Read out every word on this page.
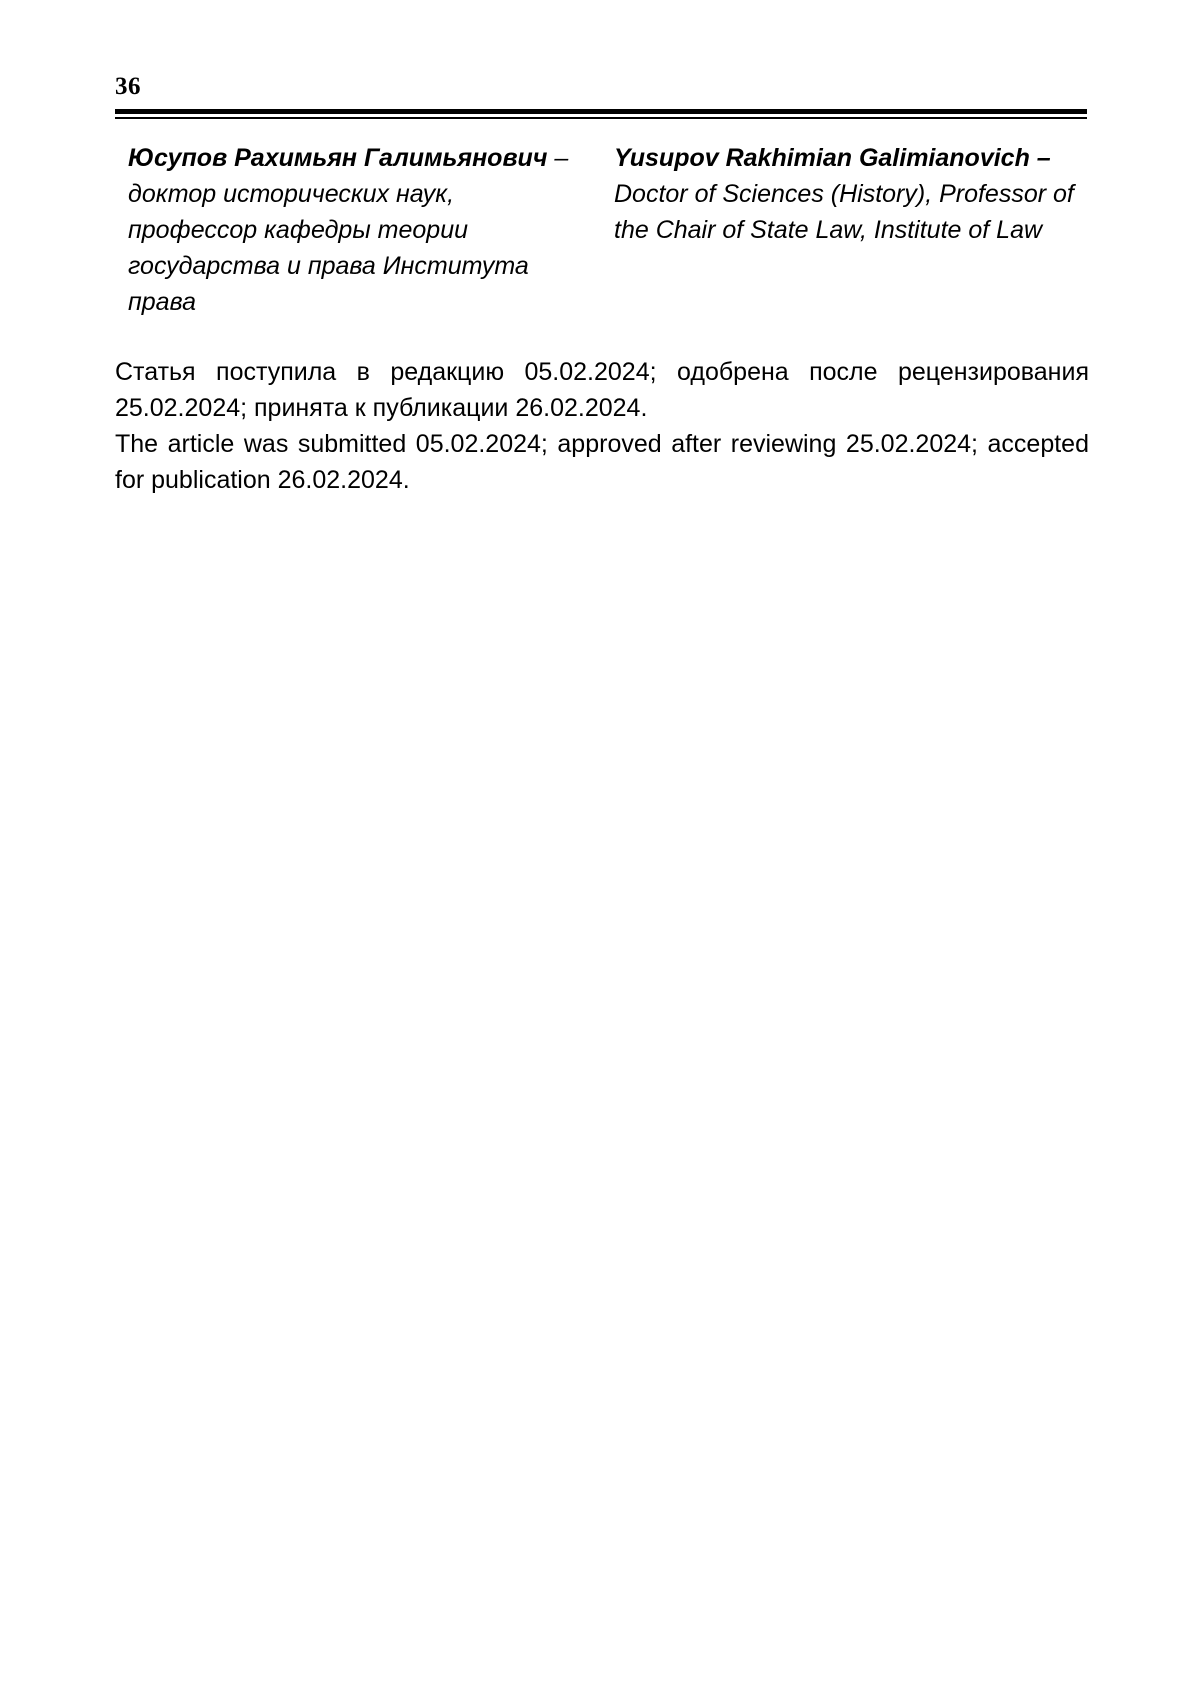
36
Юсупов Рахимьян Галимьянович – доктор исторических наук, профессор кафедры теории государства и права Института права
Yusupov Rakhimian Galimianovich – Doctor of Sciences (History), Professor of the Chair of State Law, Institute of Law

Статья поступила в редакцию 05.02.2024; одобрена после рецензирования 25.02.2024; принята к публикации 26.02.2024.

The article was submitted 05.02.2024; approved after reviewing 25.02.2024; accepted for publication 26.02.2024.
